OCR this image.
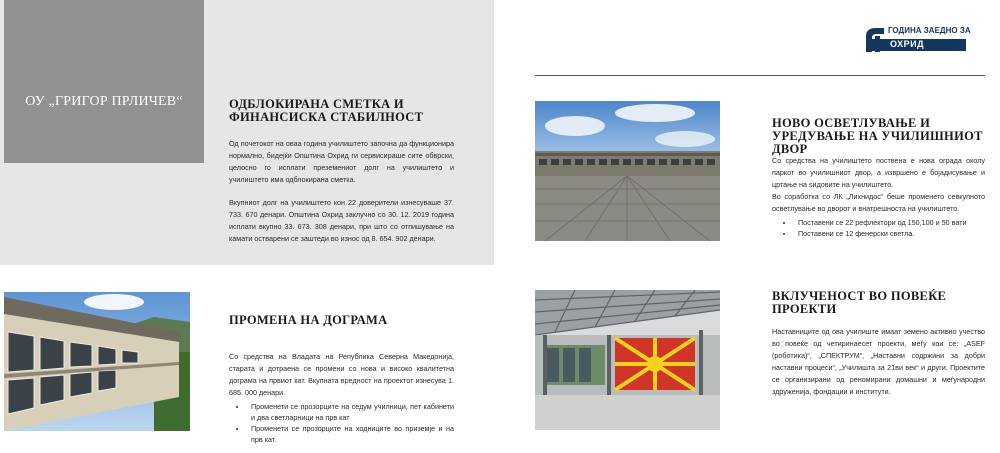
ОУ „ГРИГОР ПРЛИЧЕВ“	ОДБЛОКИРАНА СМЕТКА И
ФИНАНСИСКА СТАБИЛНОСТ

Од почетокот на оваа година училиштето започна да функционира нормално, бидејќи Општина Охрид ги сервисираше сите обврски, целосно го исплати преземениот долг на училиштето и училиштето има одблокирана сметка.

Вкупниот долг на училиштето кон 22 доверители изнесуваше 37. 733. 670 денари. Општина Охрид заклучно со 30. 12. 2019 година исплати вкупно 33. 673. 308 денари, при што со отпишување на камати остварени се заштеди во износ од 8. 654. 902 денари.

ГОДИНА ЗАЕДНО ЗА
ОХРИД
НОВО ОСВЕТЛУВАЊЕ И
УРЕДУВАЊЕ НА УЧИЛИШНИОТ
ДВОР

Со средства на училиштето поствена е нова ограда околу паркот во училишниот двор, а извршено е бојадисување и цртање на ѕидовите на училиштето.

Во соработка со ЛК „Лихнидос“ беше променето севкупното осветлување во дворот и внатрешноста на училиштето.

• Поставени се 22 рефлектори од 150,100 и 50 вати
• Поставени се 12 фенерски светла.
ПРОМЕНА НА ДОГРАМА

Со средства на Владата на Република Северна Македонија, старата и дотраена се промени со нова и високо квалитетна дограма на првиот кат. Вкупната вредност на проектот изнесува 1. 685. 000 денари.

• Променети се прозорците на седум училници, пет кабинети и два светларници на прв кат
• Променети се прозорците на ходниците во приземје и на прв кат.
ВКЛУЧЕНОСТ ВО ПОВЕЌЕ
ПРОЕКТИ

Наставниците од ова училиште имаат земено активно учество во повеќе од четиринаесет проекти, меѓу кои се: „ASEF (роботика)“, „СПЕКТРУМ“, „Наставни содржини за добри наставни процеси“, „Училишта за 21ви век“ и други. Проектите се организирани од реномирани домашни и меѓународни здруженија, фондации и институти.
